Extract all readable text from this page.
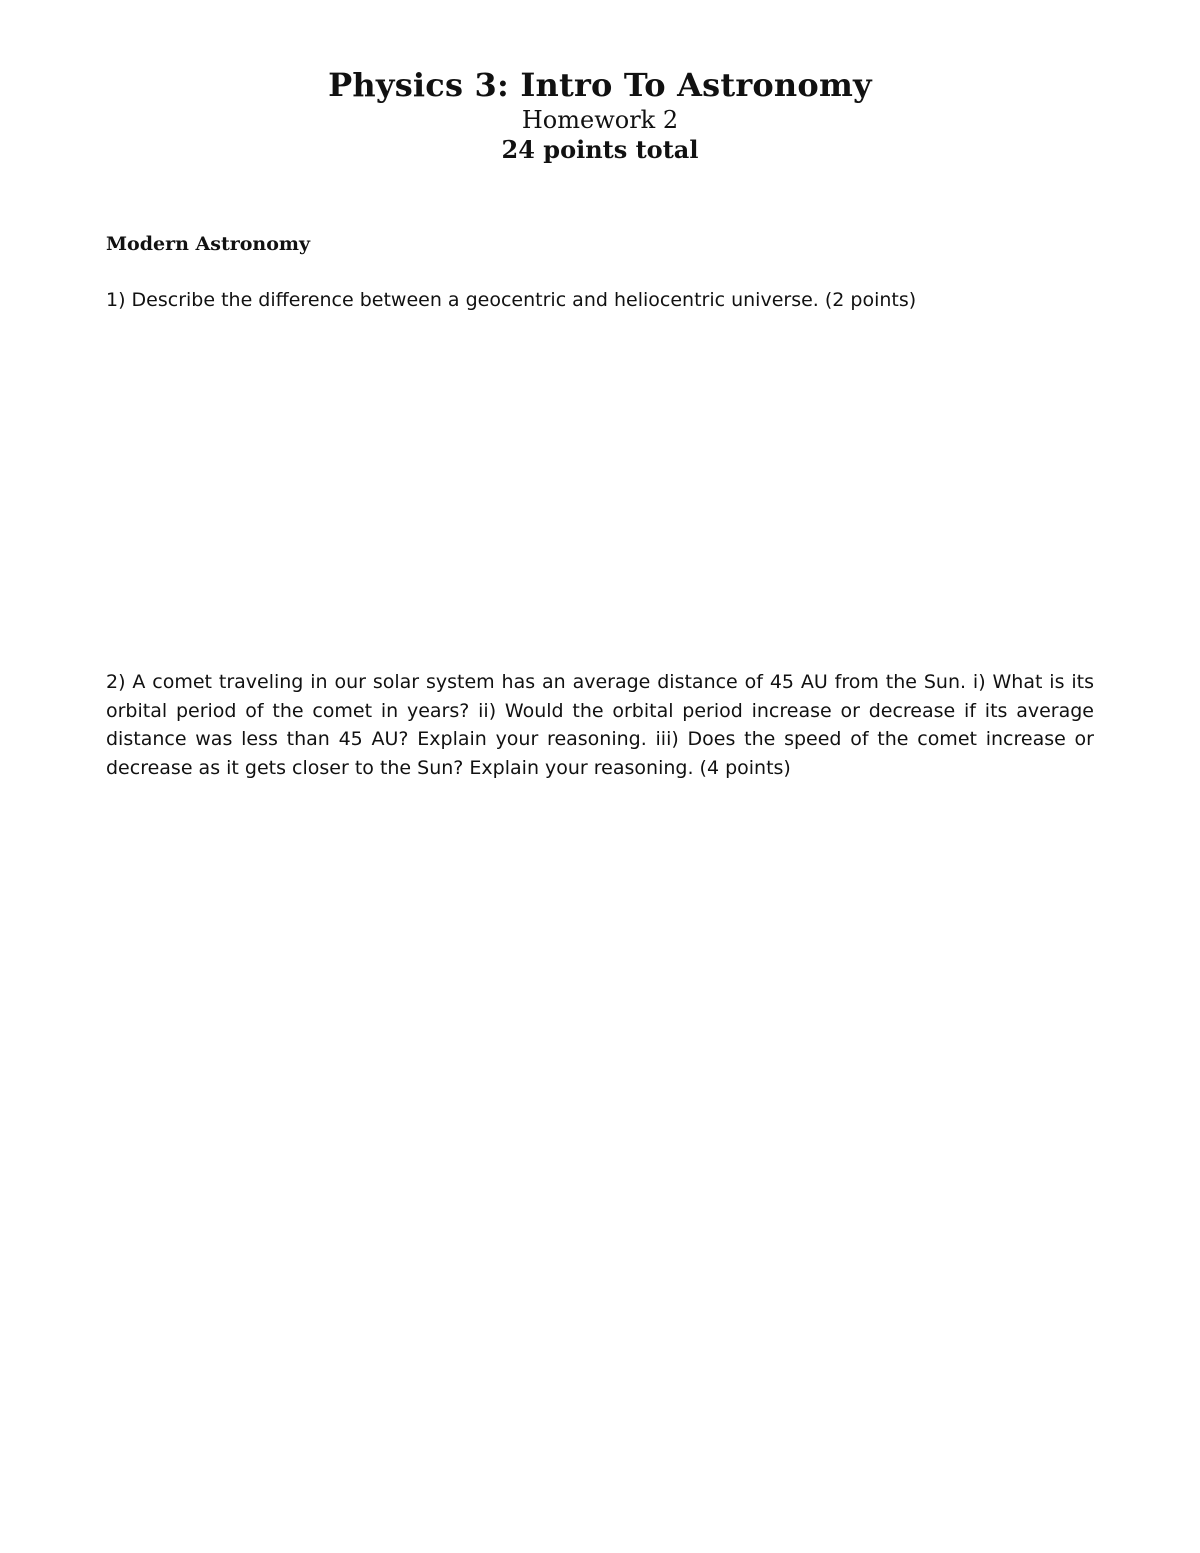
Physics 3: Intro To Astronomy

Homework 2

24 points total

Modern Astronomy

1) Describe the difference between a geocentric and heliocentric universe. (2 points)

2) A comet traveling in our solar system has an average distance of 45 AU from the Sun. i) What is its orbital period of the comet in years? ii) Would the orbital period increase or decrease if its average distance was less than 45 AU? Explain your reasoning. iii) Does the speed of the comet increase or decrease as it gets closer to the Sun? Explain your reasoning. (4 points)
